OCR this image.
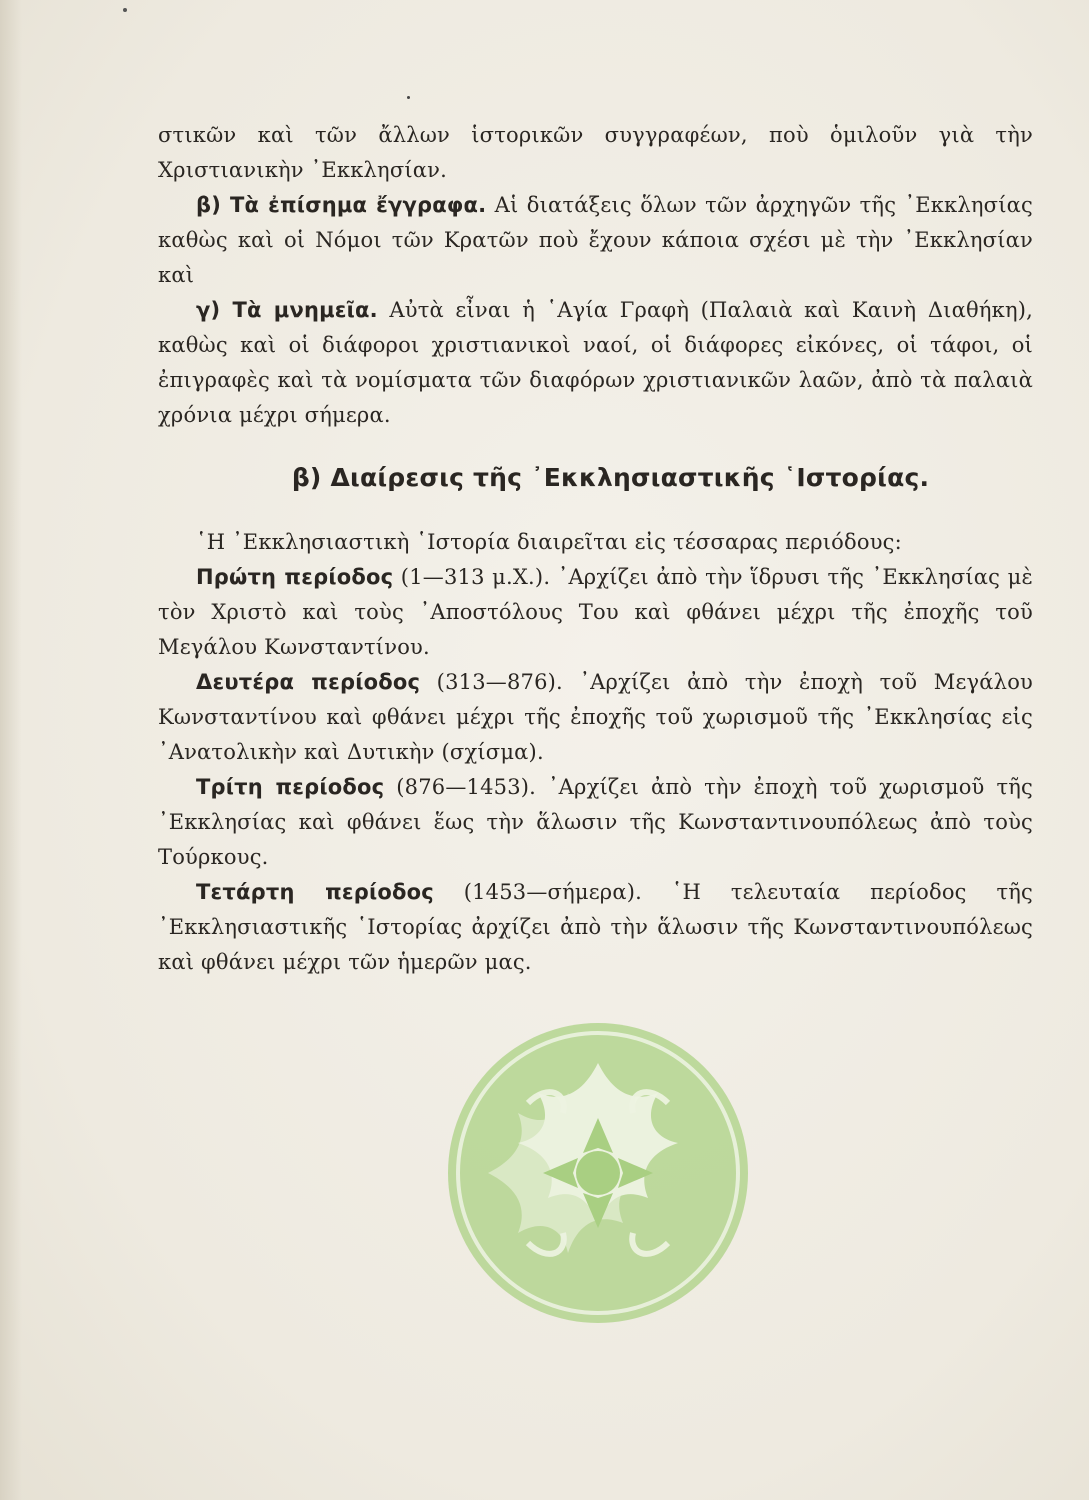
στικῶν καὶ τῶν ἄλλων ἱστορικῶν συγγραφέων, ποὺ ὁμιλοῦν γιὰ τὴν Χριστιανικὴν ᾿Εκκλησίαν.

β) Τὰ ἐπίσημα ἔγγραφα. Αἱ διατάξεις ὅλων τῶν ἀρχηγῶν τῆς ᾿Εκκλησίας καθὼς καὶ οἱ Νόμοι τῶν Κρατῶν ποὺ ἔχουν κάποια σχέσι μὲ τὴν ᾿Εκκλησίαν καὶ

γ) Τὰ μνημεῖα. Αὐτὰ εἶναι ἡ ῾Αγία Γραφὴ (Παλαιὰ καὶ Καινὴ Διαθήκη), καθὼς καὶ οἱ διάφοροι χριστιανικοὶ ναοί, οἱ διάφορες εἰκόνες, οἱ τάφοι, οἱ ἐπιγραφὲς καὶ τὰ νομίσματα τῶν διαφόρων χριστιανικῶν λαῶν, ἀπὸ τὰ παλαιὰ χρόνια μέχρι σήμερα.

β) Διαίρεσις τῆς ᾿Εκκλησιαστικῆς ῾Ιστορίας.

῾Η ᾿Εκκλησιαστικὴ ῾Ιστορία διαιρεῖται εἰς τέσσαρας περιόδους:

Πρώτη περίοδος (1—313 μ.Χ.). ᾿Αρχίζει ἀπὸ τὴν ἵδρυσι τῆς ᾿Εκκλησίας μὲ τὸν Χριστὸ καὶ τοὺς ᾿Αποστόλους Του καὶ φθάνει μέχρι τῆς ἐποχῆς τοῦ Μεγάλου Κωνσταντίνου.

Δευτέρα περίοδος (313—876). ᾿Αρχίζει ἀπὸ τὴν ἐποχὴ τοῦ Μεγάλου Κωνσταντίνου καὶ φθάνει μέχρι τῆς ἐποχῆς τοῦ χωρισμοῦ τῆς ᾿Εκκλησίας εἰς ᾿Ανατολικὴν καὶ Δυτικὴν (σχίσμα).

Τρίτη περίοδος (876—1453). ᾿Αρχίζει ἀπὸ τὴν ἐποχὴ τοῦ χωρισμοῦ τῆς ᾿Εκκλησίας καὶ φθάνει ἕως τὴν ἅλωσιν τῆς Κωνσταντινουπόλεως ἀπὸ τοὺς Τούρκους.

Τετάρτη περίοδος (1453—σήμερα). ῾Η τελευταία περίοδος τῆς ᾿Εκκλησιαστικῆς ῾Ιστορίας ἀρχίζει ἀπὸ τὴν ἅλωσιν τῆς Κωνσταντινουπόλεως καὶ φθάνει μέχρι τῶν ἡμερῶν μας.
